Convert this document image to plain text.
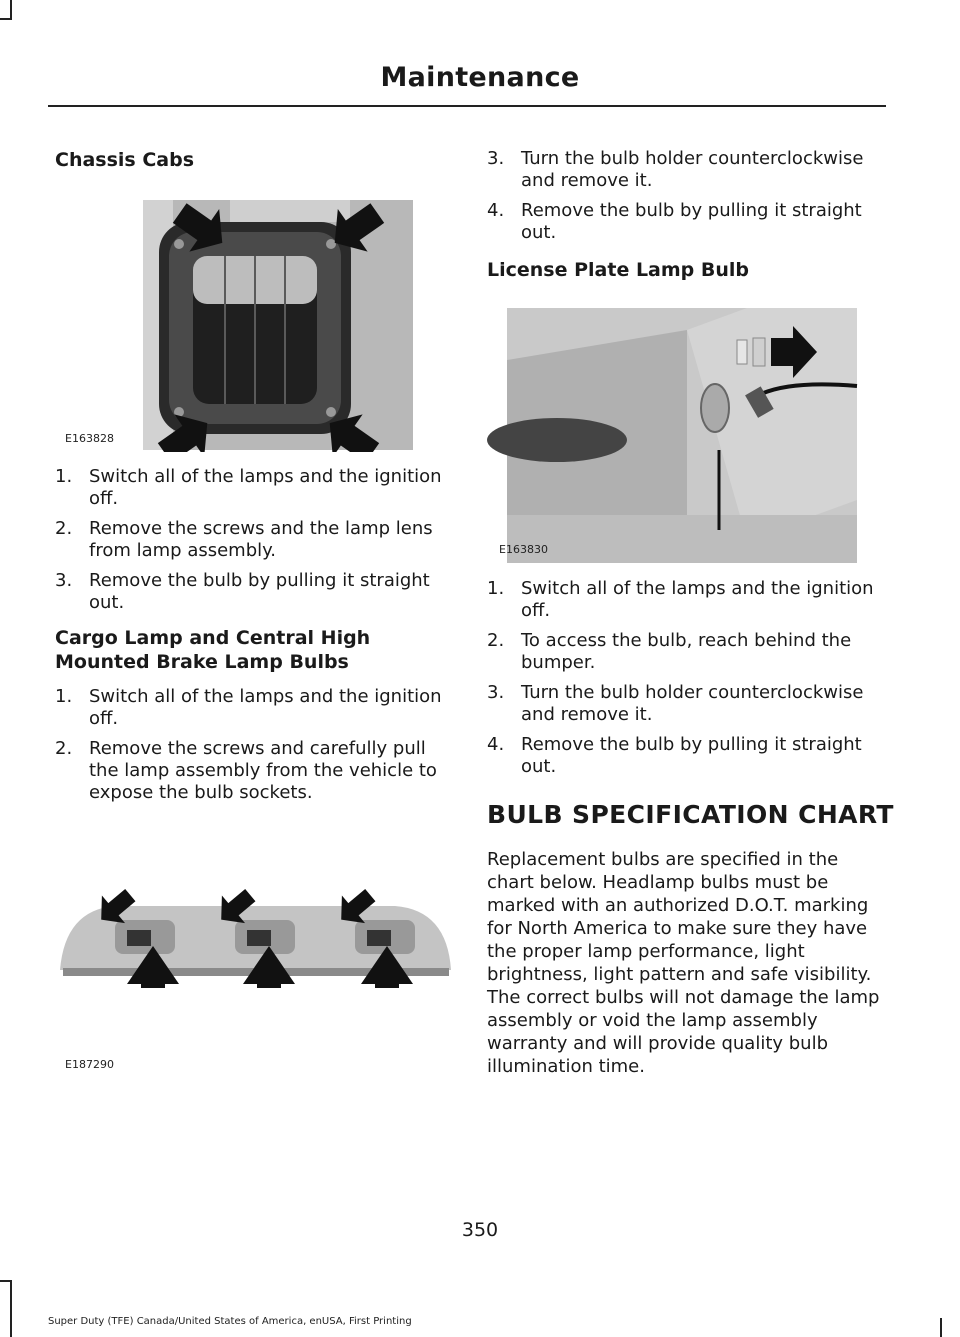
Maintenance
Chassis Cabs
E163828
1. Switch all of the lamps and the ignition off.
2. Remove the screws and the lamp lens from lamp assembly.
3. Remove the bulb by pulling it straight out.
Cargo Lamp and Central High Mounted Brake Lamp Bulbs
1. Switch all of the lamps and the ignition off.
2. Remove the screws and carefully pull the lamp assembly from the vehicle to expose the bulb sockets.
E187290
3. Turn the bulb holder counterclockwise and remove it.
4. Remove the bulb by pulling it straight out.
License Plate Lamp Bulb
E163830
1. Switch all of the lamps and the ignition off.
2. To access the bulb, reach behind the bumper.
3. Turn the bulb holder counterclockwise and remove it.
4. Remove the bulb by pulling it straight out.
BULB SPECIFICATION CHART

Replacement bulbs are specified in the chart below. Headlamp bulbs must be marked with an authorized D.O.T. marking for North America to make sure they have the proper lamp performance, light brightness, light pattern and safe visibility. The correct bulbs will not damage the lamp assembly or void the lamp assembly warranty and will provide quality bulb illumination time.

350
Super Duty (TFE) Canada/United States of America, enUSA, First Printing
